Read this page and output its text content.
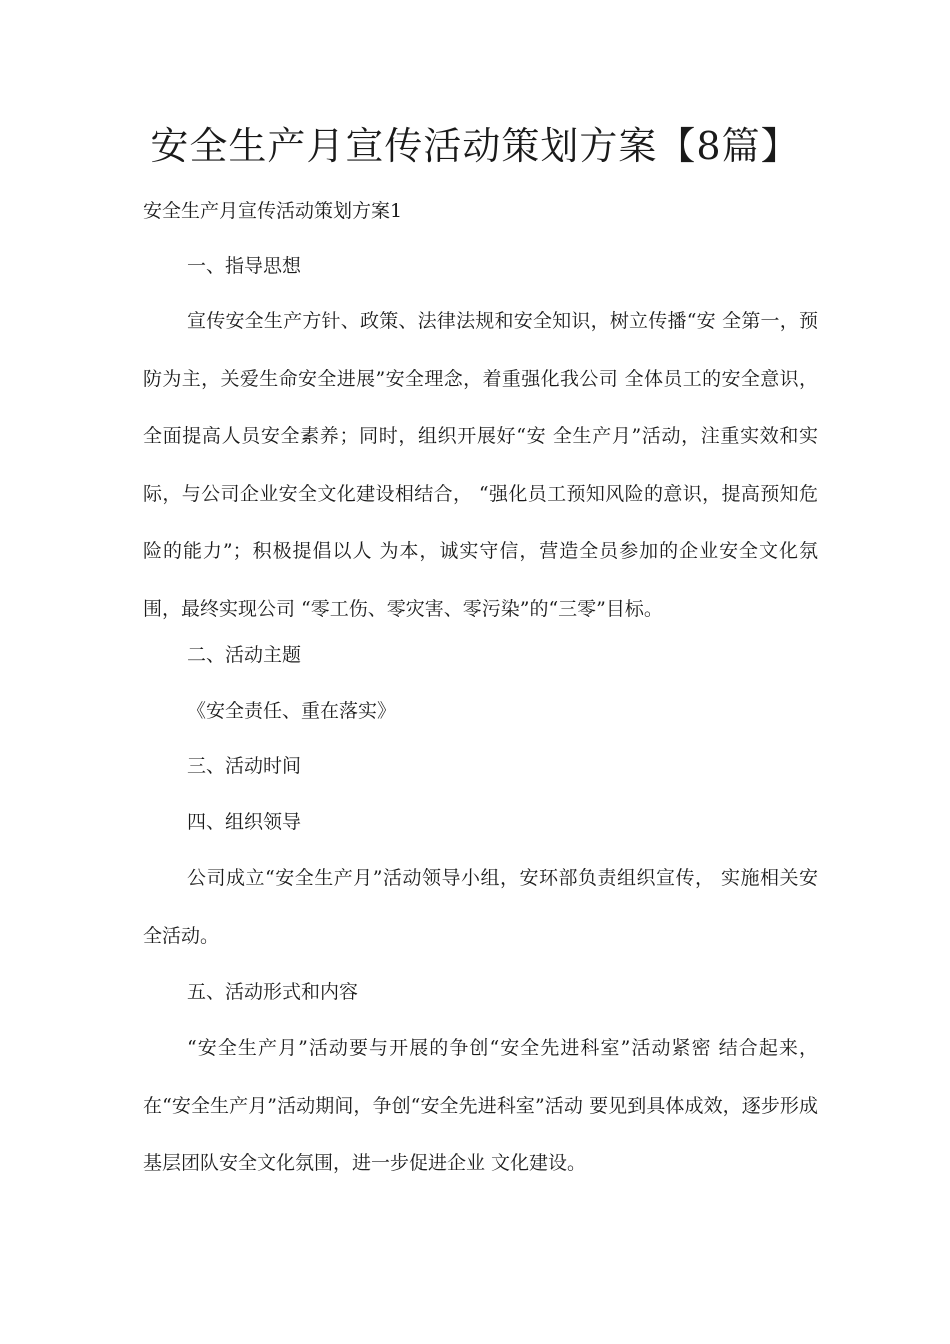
安全生产月宣传活动策划方案【8篇】

安全生产月宣传活动策划方案1

一、指导思想

宣传安全生产方针、政策、法律法规和安全知识，树立传播“安 全第一，预防为主，关爱生命安全进展”安全理念，着重强化我公司 全体员工的安全意识，全面提高人员安全素养；同时，组织开展好“安 全生产月”活动，注重实效和实际，与公司企业安全文化建设相结合， “强化员工预知风险的意识，提高预知危险的能力”；积极提倡以人 为本，诚实守信，营造全员参加的企业安全文化氛围，最终实现公司 “零工伤、零灾害、零污染”的“三零”目标。

二、活动主题

《安全责任、重在落实》

三、活动时间

四、组织领导

公司成立“安全生产月”活动领导小组，安环部负责组织宣传， 实施相关安全活动。

五、活动形式和内容

“安全生产月”活动要与开展的争创“安全先进科室”活动紧密 结合起来，在“安全生产月”活动期间，争创“安全先进科室”活动 要见到具体成效，逐步形成基层团队安全文化氛围，进一步促进企业 文化建设。
